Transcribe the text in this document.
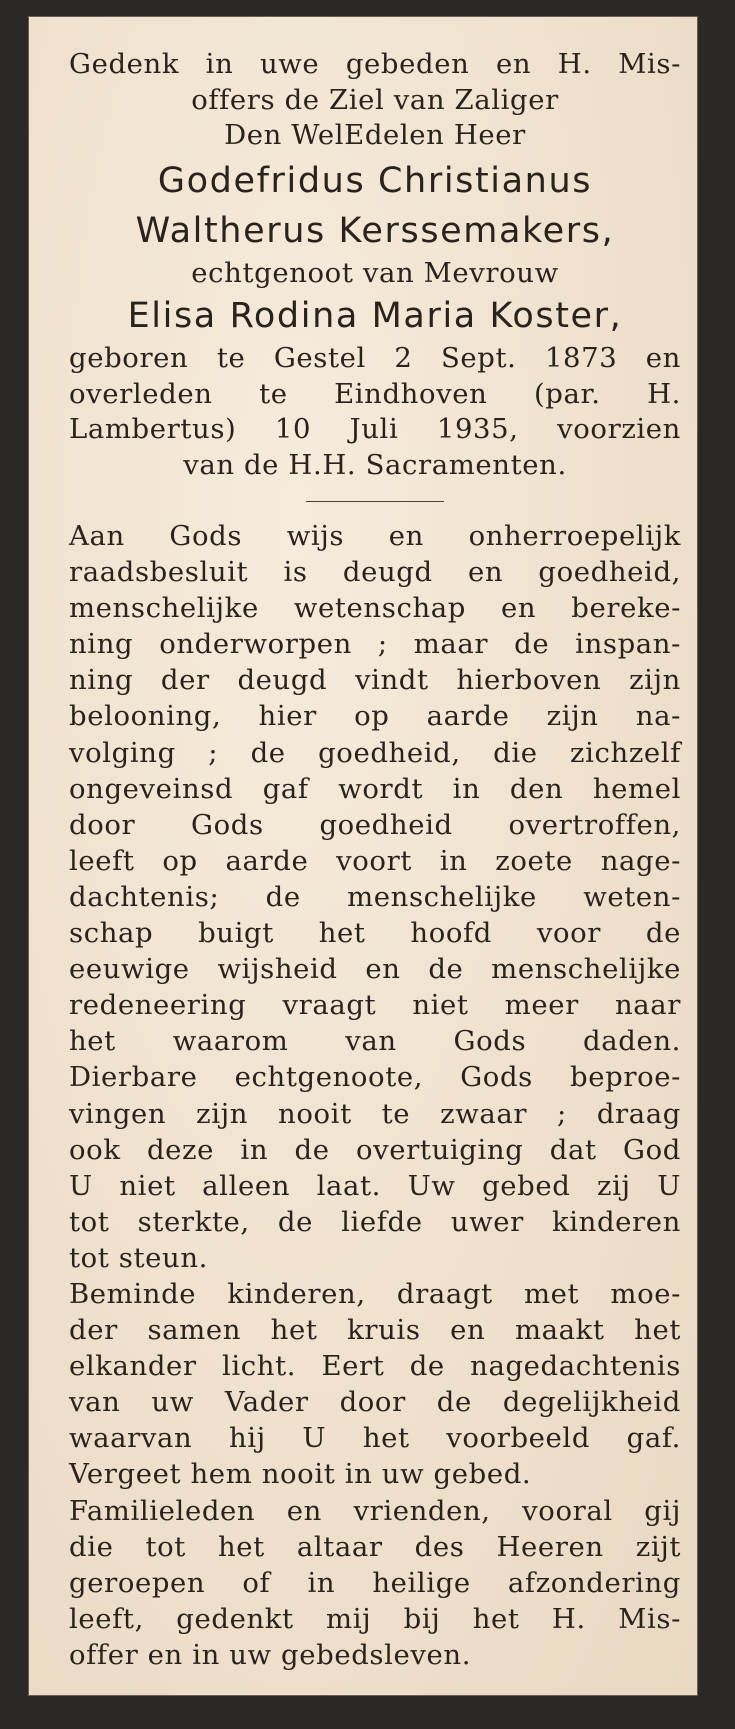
Gedenk in uwe gebeden en H. Mis-
offers de Ziel van Zaliger
Den WelEdelen Heer
Godefridus Christianus
Waltherus Kerssemakers,
echtgenoot van Mevrouw
Elisa Rodina Maria Koster,
geboren te Gestel 2 Sept. 1873 en
overleden te Eindhoven (par. H.
Lambertus) 10 Juli 1935, voorzien
van de H.H. Sacramenten.
Aan Gods wijs en onherroepelijk
raadsbesluit is deugd en goedheid,
menschelijke wetenschap en bereke-
ning onderworpen ; maar de inspan-
ning der deugd vindt hierboven zijn
belooning, hier op aarde zijn na-
volging ; de goedheid, die zichzelf
ongeveinsd gaf wordt in den hemel
door Gods goedheid overtroffen,
leeft op aarde voort in zoete nage-
dachtenis; de menschelijke weten-
schap buigt het hoofd voor de
eeuwige wijsheid en de menschelijke
redeneering vraagt niet meer naar
het waarom van Gods daden.
Dierbare echtgenoote, Gods beproe-
vingen zijn nooit te zwaar ; draag
ook deze in de overtuiging dat God
U niet alleen laat. Uw gebed zij U
tot sterkte, de liefde uwer kinderen
tot steun.
Beminde kinderen, draagt met moe-
der samen het kruis en maakt het
elkander licht. Eert de nagedachtenis
van uw Vader door de degelijkheid
waarvan hij U het voorbeeld gaf.
Vergeet hem nooit in uw gebed.
Familieleden en vrienden, vooral gij
die tot het altaar des Heeren zijt
geroepen of in heilige afzondering
leeft, gedenkt mij bij het H. Mis-
offer en in uw gebedsleven.
